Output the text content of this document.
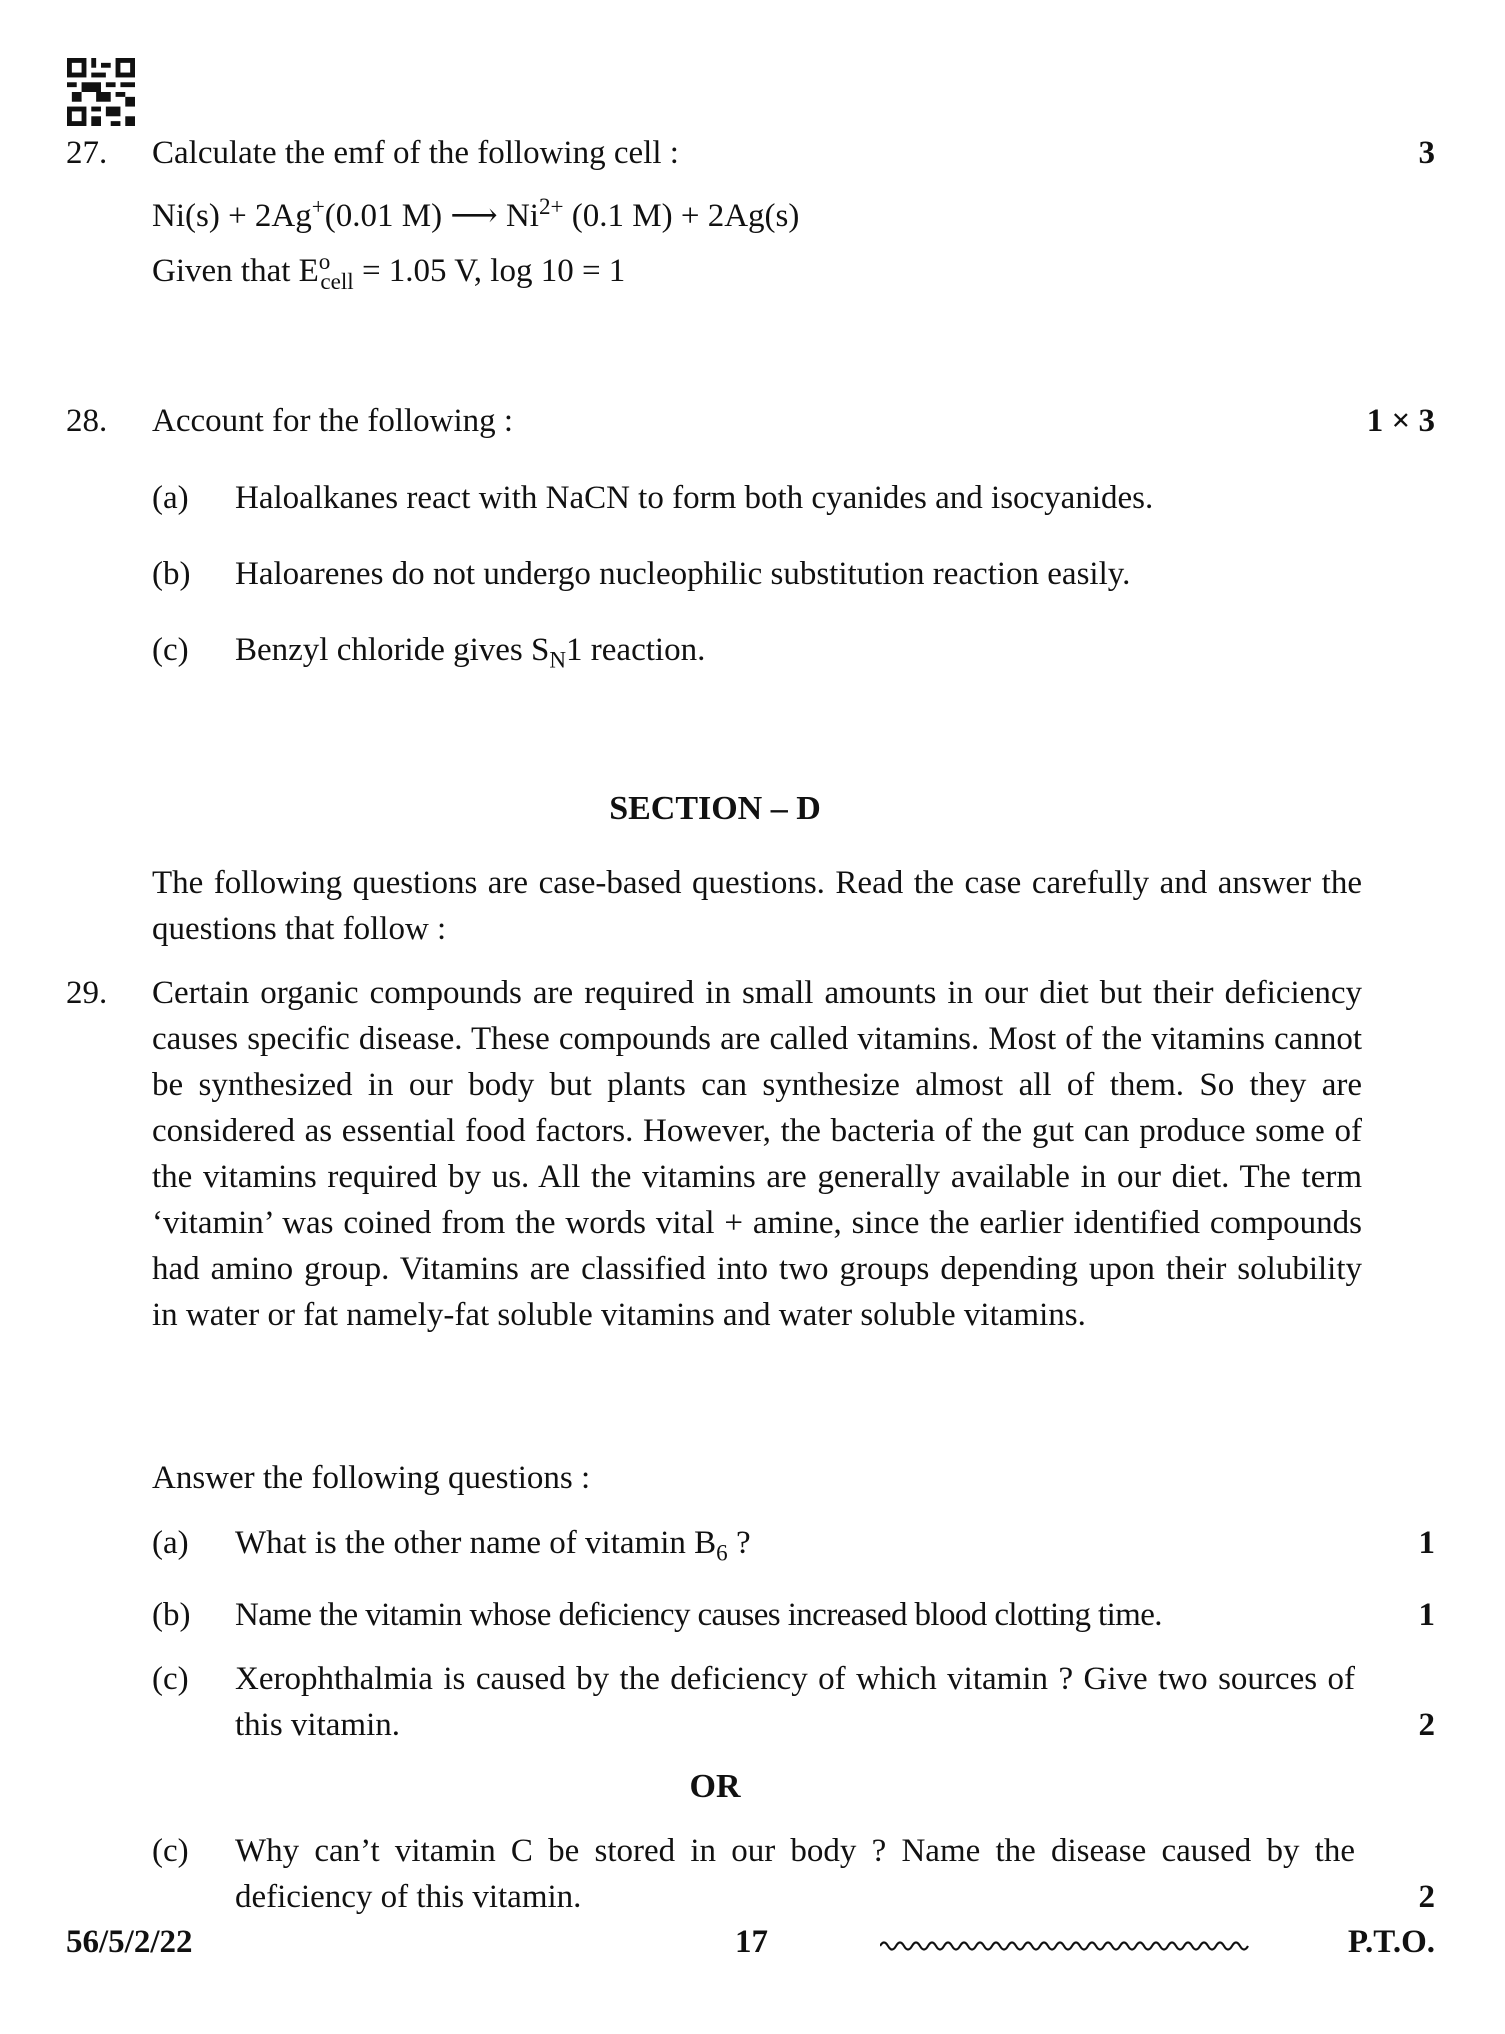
27. Calculate the emf of the following cell :	3
Ni(s) + 2Ag+(0.01 M) ⟶ $Ni^{2+}$ (0.1 M) + 2Ag(s)
Given that $E^o_{cell} = 1.05$ V, log 10 = 1
28. Account for the following :	1 × 3
(a) Haloalkanes react with NaCN to form both cyanides and isocyanides.
(b) Haloarenes do not undergo nucleophilic substitution reaction easily.
(c) Benzyl chloride gives $S_N1$ reaction.
SECTION – D
The following questions are case-based questions. Read the case carefully and answer the questions that follow :
29. Certain organic compounds are required in small amounts in our diet but their deficiency causes specific disease. These compounds are called vitamins. Most of the vitamins cannot be synthesized in our body but plants can synthesize almost all of them. So they are considered as essential food factors. However, the bacteria of the gut can produce some of the vitamins required by us. All the vitamins are generally available in our diet. The term ‘vitamin’ was coined from the words vital + amine, since the earlier identified compounds had amino group. Vitamins are classified into two groups depending upon their solubility in water or fat namely-fat soluble vitamins and water soluble vitamins.
Answer the following questions :
(a) What is the other name of vitamin $B_6$ ?	1
(b) Name the vitamin whose deficiency causes increased blood clotting time.	1
(c) Xerophthalmia is caused by the deficiency of which vitamin ? Give two sources of this vitamin.	2
OR
(c) Why can’t vitamin C be stored in our body ? Name the disease caused by the deficiency of this vitamin.	2
56/5/2/22	17	P.T.O.
